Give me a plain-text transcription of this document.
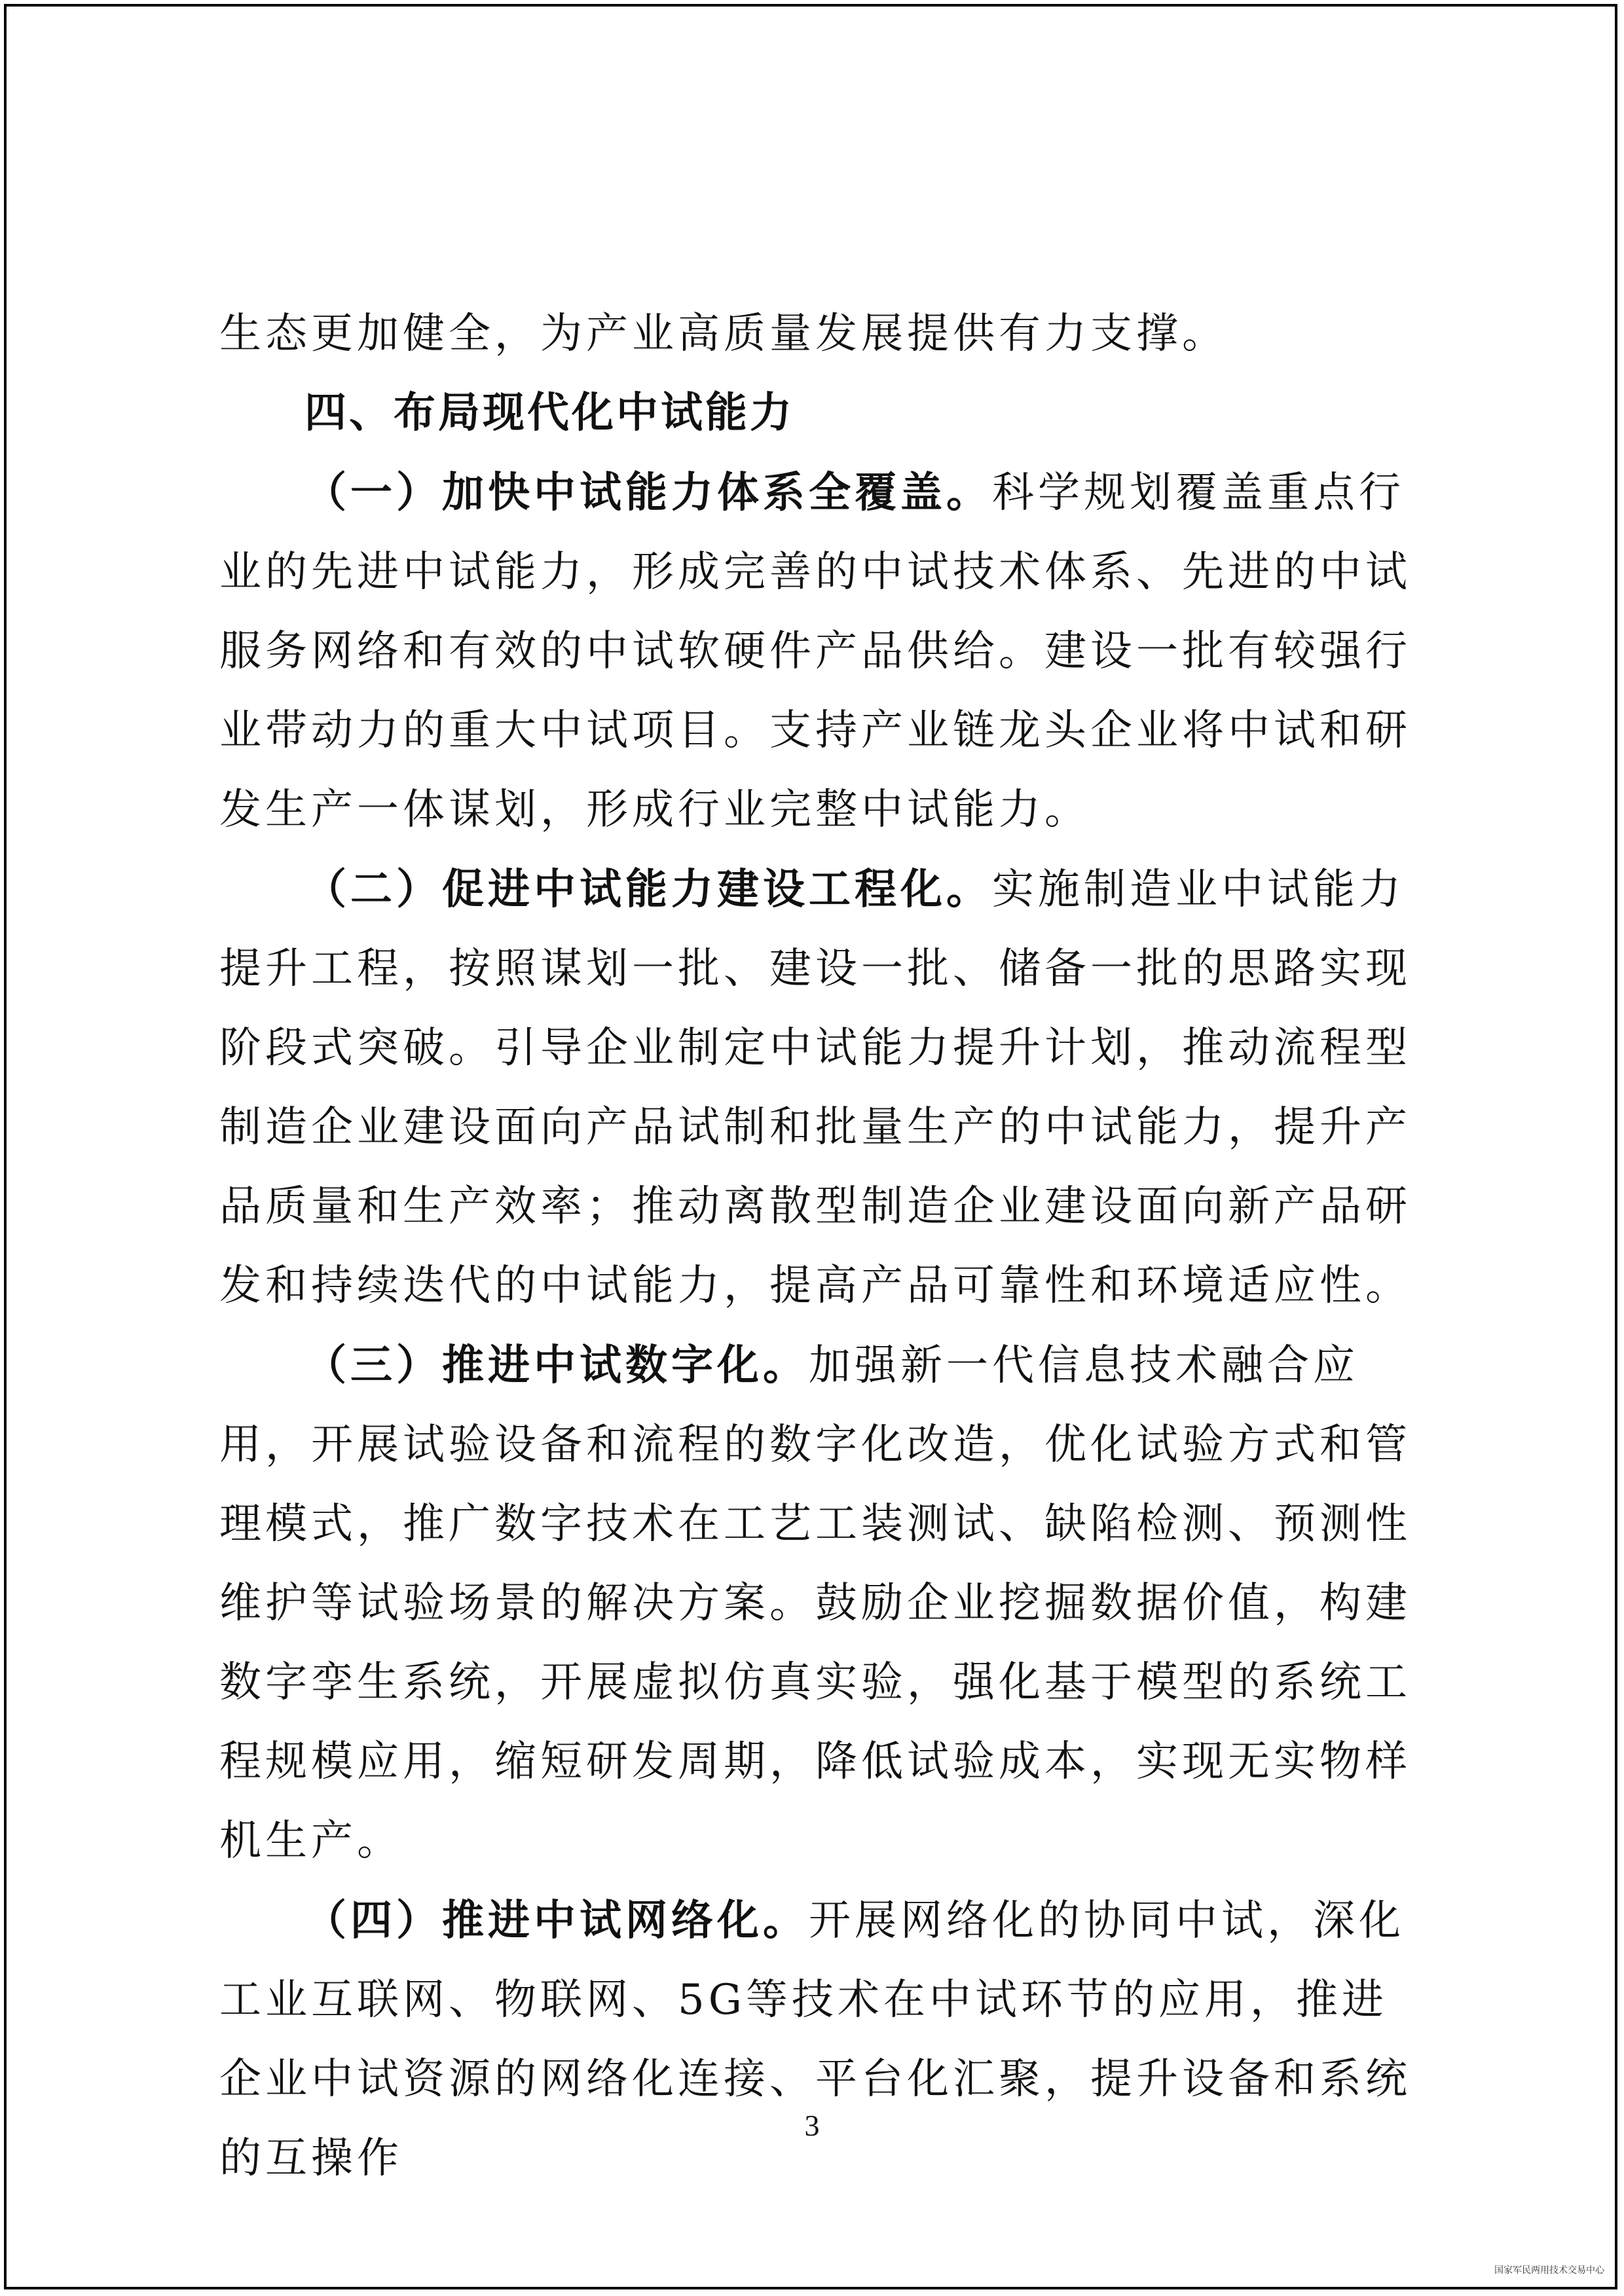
生态更加健全，为产业高质量发展提供有力支撑。

四、布局现代化中试能力

（一）加快中试能力体系全覆盖。科学规划覆盖重点行业的先进中试能力，形成完善的中试技术体系、先进的中试服务网络和有效的中试软硬件产品供给。建设一批有较强行业带动力的重大中试项目。支持产业链龙头企业将中试和研发生产一体谋划，形成行业完整中试能力。

（二）促进中试能力建设工程化。实施制造业中试能力提升工程，按照谋划一批、建设一批、储备一批的思路实现阶段式突破。引导企业制定中试能力提升计划，推动流程型制造企业建设面向产品试制和批量生产的中试能力，提升产品质量和生产效率；推动离散型制造企业建设面向新产品研发和持续迭代的中试能力，提高产品可靠性和环境适应性。

（三）推进中试数字化。加强新一代信息技术融合应用，开展试验设备和流程的数字化改造，优化试验方式和管理模式，推广数字技术在工艺工装测试、缺陷检测、预测性维护等试验场景的解决方案。鼓励企业挖掘数据价值，构建数字孪生系统，开展虚拟仿真实验，强化基于模型的系统工程规模应用，缩短研发周期，降低试验成本，实现无实物样机生产。

（四）推进中试网络化。开展网络化的协同中试，深化工业互联网、物联网、5G等技术在中试环节的应用，推进企业中试资源的网络化连接、平台化汇聚，提升设备和系统的互操作

3
国家军民两用技术交易中心
